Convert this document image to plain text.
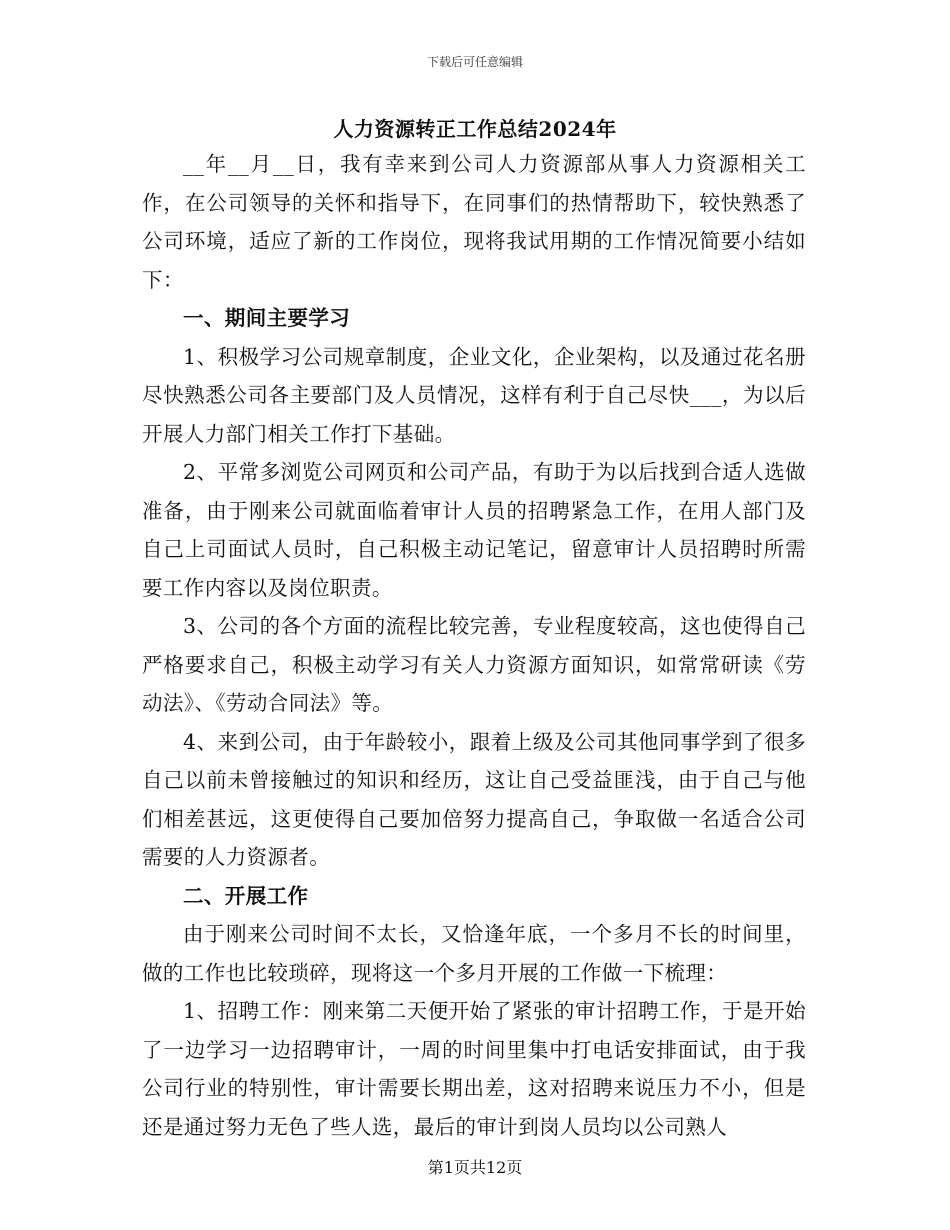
下载后可任意编辑
人力资源转正工作总结2024年

__年__月__日，我有幸来到公司人力资源部从事人力资源相关工作，在公司领导的关怀和指导下，在同事们的热情帮助下，较快熟悉了公司环境，适应了新的工作岗位，现将我试用期的工作情况简要小结如下：

一、期间主要学习

1、积极学习公司规章制度，企业文化，企业架构，以及通过花名册尽快熟悉公司各主要部门及人员情况，这样有利于自己尽快___，为以后开展人力部门相关工作打下基础。

2、平常多浏览公司网页和公司产品，有助于为以后找到合适人选做准备，由于刚来公司就面临着审计人员的招聘紧急工作，在用人部门及自己上司面试人员时，自己积极主动记笔记，留意审计人员招聘时所需要工作内容以及岗位职责。

3、公司的各个方面的流程比较完善，专业程度较高，这也使得自己严格要求自己，积极主动学习有关人力资源方面知识，如常常研读《劳动法》、《劳动合同法》等。

4、来到公司，由于年龄较小，跟着上级及公司其他同事学到了很多自己以前未曾接触过的知识和经历，这让自己受益匪浅，由于自己与他们相差甚远，这更使得自己要加倍努力提高自己，争取做一名适合公司需要的人力资源者。

二、开展工作

由于刚来公司时间不太长，又恰逢年底，一个多月不长的时间里，做的工作也比较琐碎，现将这一个多月开展的工作做一下梳理：

1、招聘工作：刚来第二天便开始了紧张的审计招聘工作，于是开始了一边学习一边招聘审计，一周的时间里集中打电话安排面试，由于我公司行业的特别性，审计需要长期出差，这对招聘来说压力不小，但是还是通过努力无色了些人选，最后的审计到岗人员均以公司熟人

第1页共12页
